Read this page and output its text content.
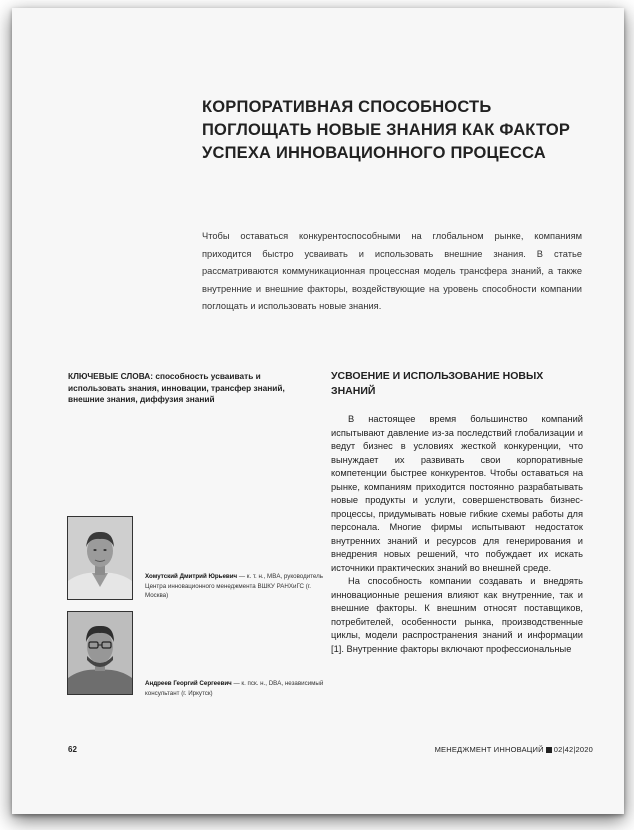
КОРПОРАТИВНАЯ СПОСОБНОСТЬ ПОГЛОЩАТЬ НОВЫЕ ЗНАНИЯ КАК ФАКТОР УСПЕХА ИННОВАЦИОННОГО ПРОЦЕССА
Чтобы оставаться конкурентоспособными на глобальном рынке, компаниям приходится быстро усваивать и использовать внешние знания. В статье рассматриваются коммуникационная процессная модель трансфера знаний, а также внутренние и внешние факторы, воздействующие на уровень способности компании поглощать и использовать новые знания.
КЛЮЧЕВЫЕ СЛОВА: способность усваивать и использовать знания, инновации, трансфер знаний, внешние знания, диффузия знаний
УСВОЕНИЕ И ИСПОЛЬЗОВАНИЕ НОВЫХ ЗНАНИЙ

В настоящее время большинство компаний испытывают давление из-за последствий глобализации и ведут бизнес в условиях жесткой конкуренции, что вынуждает их развивать свои корпоративные компетенции быстрее конкурентов. Чтобы оставаться на рынке, компаниям приходится постоянно разрабатывать новые продукты и услуги, совершенствовать бизнес-процессы, придумывать новые гибкие схемы работы для персонала. Многие фирмы испытывают недостаток внутренних знаний и ресурсов для генерирования и внедрения новых решений, что побуждает их искать источники практических знаний во внешней среде.

На способность компании создавать и внедрять инновационные решения влияют как внутренние, так и внешние факторы. К внешним относят поставщиков, потребителей, особенности рынка, производственные циклы, модели распространения знаний и информации [1]. Внутренние факторы включают профессиональные

Хомутский Дмитрий Юрьевич — к. т. н., MBA, руководитель Центра инновационного менеджмента ВШКУ РАНХиГС (г. Москва)
Андреев Георгий Сергеевич — к. пск. н., DBA, независимый консультант (г. Иркутск)
62	МЕНЕДЖМЕНТ ИННОВАЦИЙ 02|42|2020
